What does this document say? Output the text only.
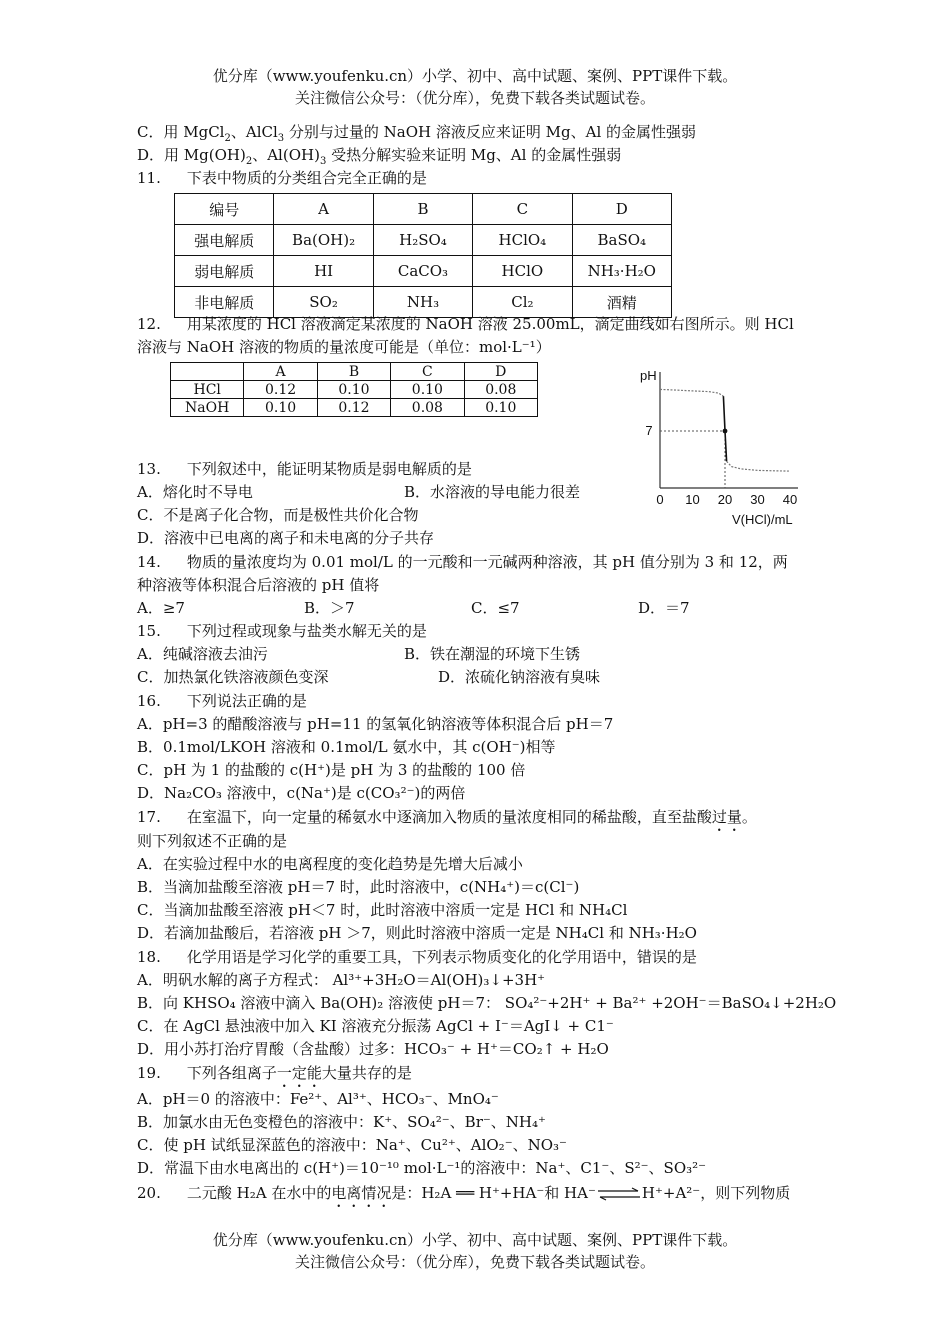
优分库（www.youfenku.cn）小学、初中、高中试题、案例、PPT课件下载。
关注微信公众号：（优分库），免费下载各类试题试卷。
C．用 MgCl$_2$、AlCl$_3$ 分别与过量的 NaOH 溶液反应来证明 Mg、Al 的金属性强弱
D．用 $Mg(OH)_2$、$Al(OH)_3$ 受热分解实验来证明 Mg、Al 的金属性强弱
11. 下表中物质的分类组合完全正确的是
编号	A	B	C	D
强电解质	Ba(OH)₂	H₂SO₄	HClO₄	BaSO₄
弱电解质	HI	CaCO₃	HClO	NH₃·H₂O
非电解质	SO₂	NH₃	Cl₂	酒精
12. 用某浓度的 HCl 溶液滴定某浓度的 NaOH 溶液 25.00mL，滴定曲线如右图所示。则 HCl
溶液与 NaOH 溶液的物质的量浓度可能是（单位：mol·L⁻¹）
	A	B	C	D
HCl	0.12	0.10	0.10	0.08
NaOH	0.10	0.12	0.08	0.10
pH
V(HCl)/mL
0 10 20 30 40
7
13. 下列叙述中，能证明某物质是弱电解质的是
A．熔化时不导电	B．水溶液的导电能力很差
C．不是离子化合物，而是极性共价化合物
D．溶液中已电离的离子和未电离的分子共存
14. 物质的量浓度均为 0.01 mol/L 的一元酸和一元碱两种溶液，其 pH 值分别为 3 和 12，两
种溶液等体积混合后溶液的 pH 值将
A．≥7	B．＞7	C．≤7	D．＝7
15. 下列过程或现象与盐类水解无关的是
A．纯碱溶液去油污	B．铁在潮湿的环境下生锈
C．加热氯化铁溶液颜色变深	D．浓硫化钠溶液有臭味
16. 下列说法正确的是
A．pH=3 的醋酸溶液与 pH=11 的氢氧化钠溶液等体积混合后 pH＝7
B．0.1mol/LKOH 溶液和 0.1mol/L 氨水中，其 c(OH⁻)相等
C．pH 为 1 的盐酸的 c(H⁺)是 pH 为 3 的盐酸的 100 倍
D．Na₂CO₃ 溶液中，c(Na⁺)是 c(CO₃²⁻)的两倍
17. 在室温下，向一定量的稀氨水中逐滴加入物质的量浓度相同的稀盐酸，直至盐酸过量。
则下列叙述不正确的是
A．在实验过程中水的电离程度的变化趋势是先增大后减小
B．当滴加盐酸至溶液 pH＝7 时，此时溶液中，c(NH₄⁺)＝c(Cl⁻)
C．当滴加盐酸至溶液 pH＜7 时，此时溶液中溶质一定是 HCl 和 NH₄Cl
D．若滴加盐酸后，若溶液 pH ＞7，则此时溶液中溶质一定是 NH₄Cl 和 NH₃·H₂O
18. 化学用语是学习化学的重要工具，下列表示物质变化的化学用语中，错误的是
A．明矾水解的离子方程式： Al³⁺+3H₂O＝Al(OH)₃↓+3H⁺
B．向 KHSO₄ 溶液中滴入 Ba(OH)₂ 溶液使 pH＝7： SO₄²⁻+2H⁺ + Ba²⁺ +2OH⁻＝BaSO₄↓+2H₂O
C．在 AgCl 悬浊液中加入 KI 溶液充分振荡 AgCl + I⁻＝AgI↓ + C1⁻
D．用小苏打治疗胃酸（含盐酸）过多：HCO₃⁻ + H⁺＝CO₂↑ + H₂O
19. 下列各组离子一定能大量共存的是
A．pH＝0 的溶液中：Fe²⁺、Al³⁺、HCO₃⁻、MnO₄⁻
B．加氯水由无色变橙色的溶液中：K⁺、SO₄²⁻、Br⁻、NH₄⁺
C．使 pH 试纸显深蓝色的溶液中：Na⁺、Cu²⁺、AlO₂⁻、NO₃⁻
D．常温下由水电离出的 c(H⁺)＝10⁻¹⁰ mol·L⁻¹的溶液中：Na⁺、C1⁻、S²⁻、SO₃²⁻
20. 二元酸 H₂A 在水中的电离情况是：H₂A ══ H⁺+HA⁻和 HA⁻⇌H⁺+A²⁻，则下列物质
优分库（www.youfenku.cn）小学、初中、高中试题、案例、PPT课件下载。
关注微信公众号：（优分库），免费下载各类试题试卷。
